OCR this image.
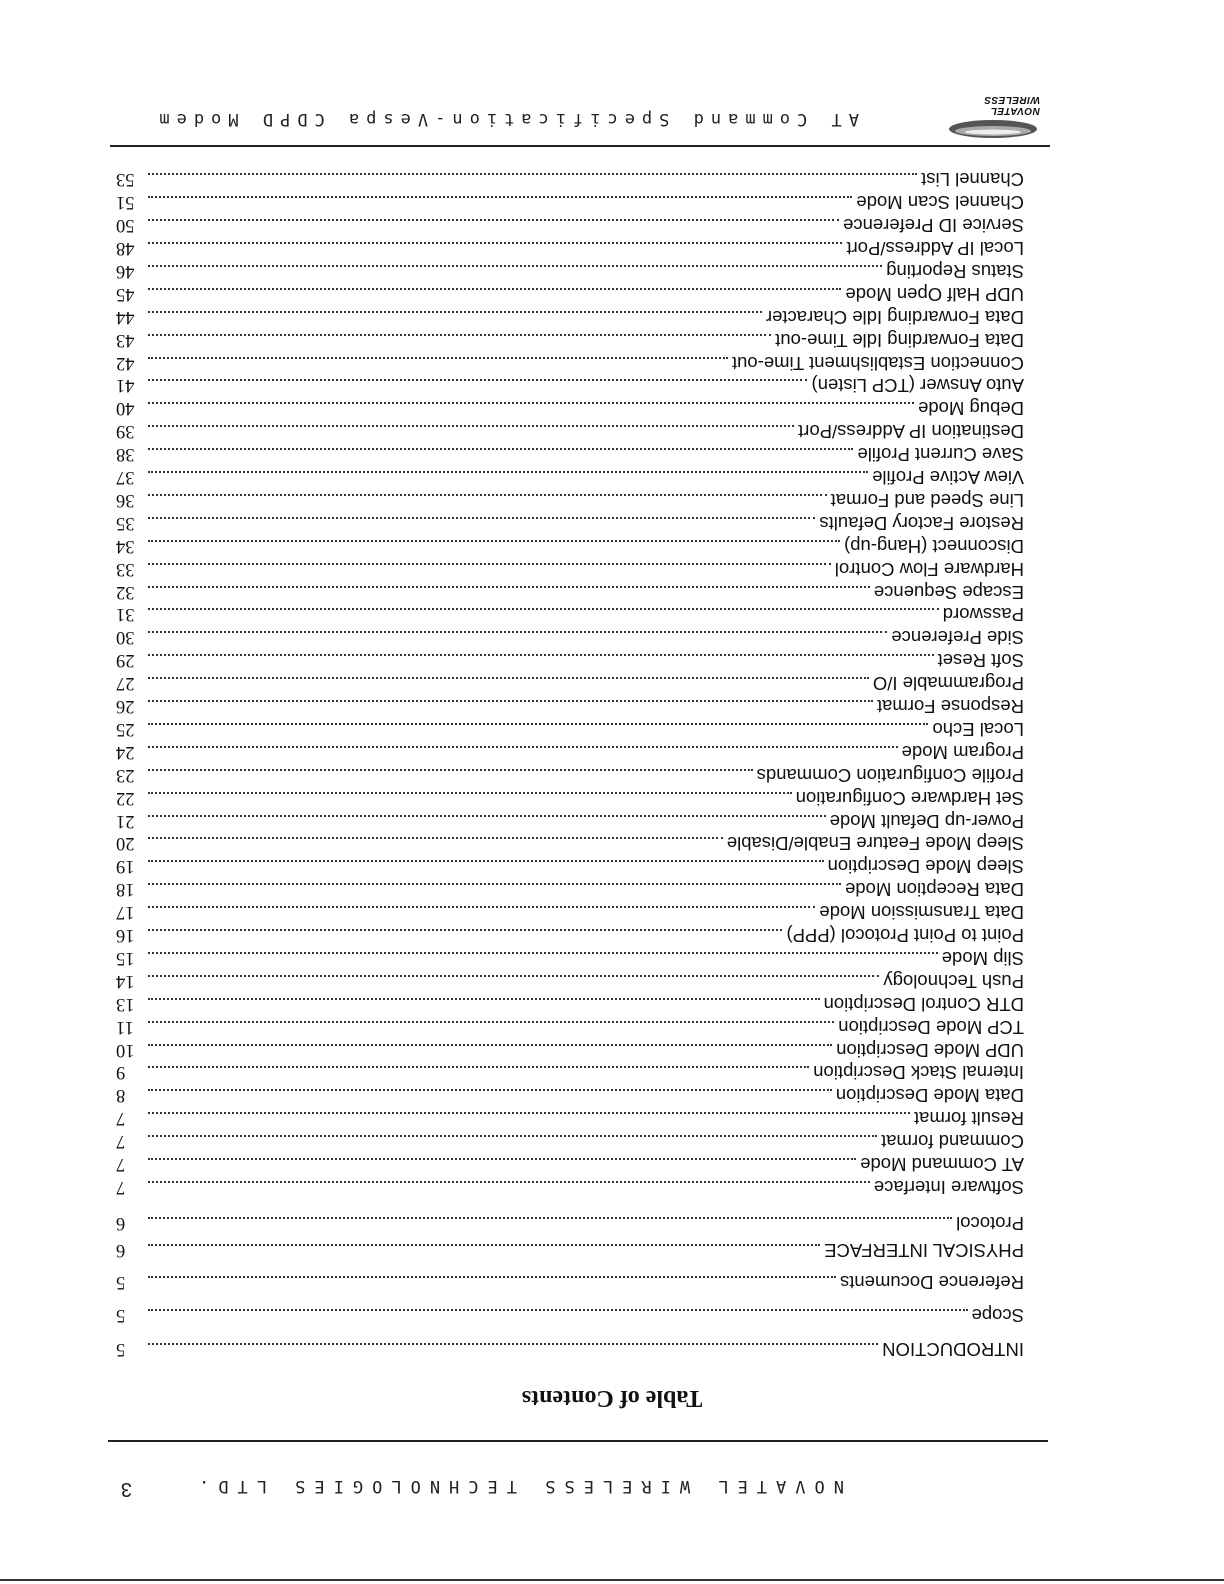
NOVATEL WIRELESS
AT Command Specification-Vespa CDPD Modem
INTRODUCTION
5
Scope
5
Reference Documents
5
PHYSICAL INTERFACE
6
Protocol
6
Software Interface
7
AT Command Mode
7
Command format
7
Result format
7
Data Mode Description
8
Internal Stack Description
9
UDP Mode Description
10
TCP Mode Description
11
DTR Control Description
13
Push Technology
14
Slip Mode
15
Point to Point Protocol (PPP)
16
Data Transmission Mode
17
Data Reception Mode
18
Sleep Mode Description
19
Sleep Mode Feature Enable/Disable
20
Power-up Default Mode
21
Set Hardware Configuration
22
Profile Configuration Commands
23
Program Mode
24
Local Echo
25
Response Format
26
Programmable I/O
27
Soft Reset
29
Side Preference
30
Password
31
Escape Sequence
32
Hardware Flow Control
33
Disconnect (Hang-up)
34
Restore Factory Defaults
35
Line Speed and Format
36
View Active Profile
37
Save Current Profile
38
Destination IP Address/Port
39
Debug Mode
40
Auto Answer (TCP Listen)
41
Connection Establishment Time-out
42
Data Forwarding Idle Time-out
43
Data Forwarding Idle Character
44
UDP Half Open Mode
45
Status Reporting
46
Local IP Address/Port
48
Service ID Preference
50
Channel Scan Mode
51
Channel List
53
NOVATEL WIRELESS TECHNOLOGIES LTD.
3
Table of Contents
